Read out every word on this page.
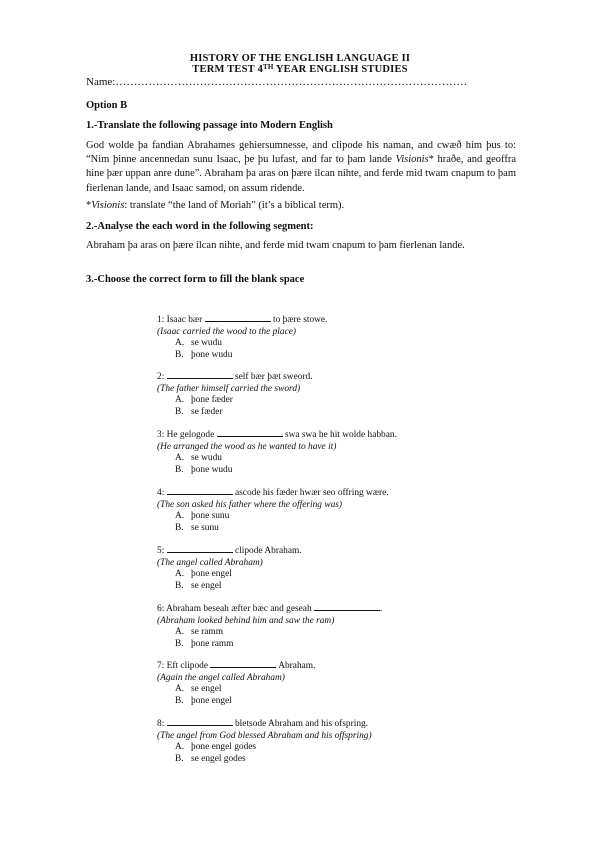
HISTORY OF THE ENGLISH LANGUAGE II
TERM TEST 4TH YEAR ENGLISH STUDIES
Name:……………………………………………………………………………………
Option B
1.-Translate the following passage into Modern English
God wolde þa fandian Abrahames gehiersumnesse, and clipode his naman, and cwæð him þus to: “Nim þinne ancennedan sunu Isaac, þe þu lufast, and far to þam lande Visionis* hraðe, and geoffra hine þær uppan anre dune”. Abraham þa aras on þære ilcan nihte, and ferde mid twam cnapum to þam fierlenan lande, and Isaac samod, on assum ridende.
*Visionis: translate “the land of Moriah” (it’s a biblical term).
2.-Analyse the each word in the following segment:
Abraham þa aras on þære ilcan nihte, and ferde mid twam cnapum to þam fierlenan lande.
3.-Choose the correct form to fill the blank space
1: Isaac bær	to þære stowe.
(Isaac carried the wood to the place)
A. se wudu
B. þone wudu
2:	self bær þæt sweord.
(The father himself carried the sword)
A. þone fæder
B. se fæder
3: He gelogode	swa swa he hit wolde habban.
(He arranged the wood as he wanted to have it)
A. se wudu
B. þone wudu
4:	ascode his fæder hwær seo offring wære.
(The son asked his father where the offering was)
A. þone sunu
B. se sunu
5:	clipode Abraham.
(The angel called Abraham)
A. þone engel
B. se engel
6: Abraham beseah æfter bæc and geseah	.
(Abraham looked behind him and saw the ram)
A. se ramm
B. þone ramm
7: Eft clipode	Abraham.
(Again the angel called Abraham)
A. se engel
B. þone engel
8:	bletsode Abraham and his ofspring.
(The angel from God blessed Abraham and his offspring)
A. þone engel godes
B. se engel godes
